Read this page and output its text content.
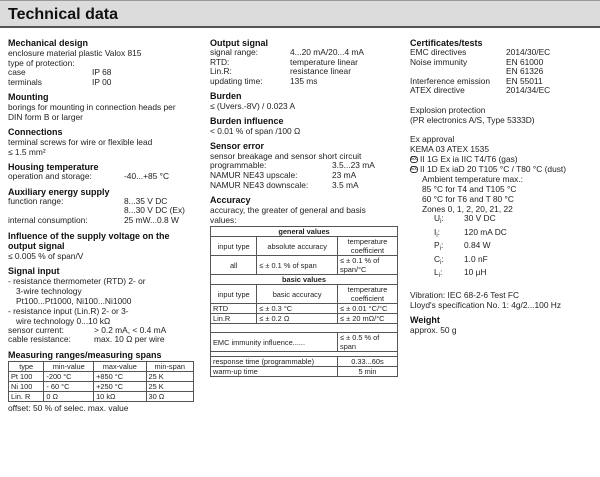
Technical data
Mechanical design
enclosure material plastic Valox 815
type of protection:
case	IP 68
terminals	IP 00
Mounting
borings for mounting in connection heads per
DIN form B or larger
Connections
terminal screws for wire or flexible lead
≤ 1.5 mm²
Housing temperature
operation and storage:	-40...+85 °C
Auxiliary energy supply
function range:	8...35 V DC
8...30 V DC (Ex)
internal consumption:	25 mW...0.8 W
Influence of the supply voltage on the
output signal
≤ 0.005 % of span/V
Signal input
- resistance thermometer (RTD) 2- or
3-wire technology
Pt100...Pt1000, Ni100...Ni1000
- resistance input (Lin.R) 2- or 3-
wire technology 0...10 kΩ
sensor current:	> 0.2 mA, < 0.4 mA
cable resistance:	max. 10 Ω per wire
Measuring ranges/measuring spans
type	min-value	max-value	min-span
Pt 100	-200 °C	+850 °C	25 K
Ni 100	- 60 °C	+250 °C	25 K
Lin. R	0 Ω	10 kΩ	30 Ω
offset: 50 % of selec. max. value
Output signal
signal range:	4...20 mA/20...4 mA
RTD:	temperature linear
Lin.R:	resistance linear
updating time:	135 ms
Burden
≤ (Uvers.-8V) / 0.023 A
Burden influence
< 0.01 % of span /100 Ω
Sensor error
sensor breakage and sensor short circuit
programmable:	3.5...23 mA
NAMUR NE43 upscale:	23 mA
NAMUR NE43 downscale:	3.5 mA
Accuracy
accuracy, the greater of general and basis
values:
general values		
input type	absolute accuracy	temperature coefficient
all	≤ ± 0.1 % of span	≤ ± 0.1 % of span/°C
basic values		
input type	basic accuracy	temperature coefficient
RTD	≤ ± 0.3 °C	≤ ± 0.01 °C/°C
Lin.R	≤ ± 0.2 Ω	≤ ± 20 mΩ/°C

EMC immunity influence......		≤ ± 0.5 % of span

response time (programmable)		0.33...60s
warm-up time		5 min
Certificates/tests
EMC directives	2014/30/EC
Noise immunity	EN 61000
EN 61326
Interference emission	EN 55011
ATEX directive	2014/34/EC
Explosion protection
(PR electronics A/S, Type 5333D)
Ex approval
KEMA 03 ATEX 1535
Ex II 1G Ex ia IIC T4/T6 (gas)
Ex II 1D Ex iaD 20 T105 °C / T80 °C (dust)
Ambient temperature max.:
85 °C for T4 and T105 °C
60 °C for T6 and T 80 °C
Zones 0, 1, 2, 20, 21, 22
$U_i$:	30 V DC
$I_i$:	120 mA DC
$P_i$:	0.84 W
$C_i$:	1.0 nF
$L_i$:	10 µH
Vibration: IEC 68-2-6 Test FC
Lloyd's specification No. 1: 4g/2...100 Hz
Weight
approx. 50 g
